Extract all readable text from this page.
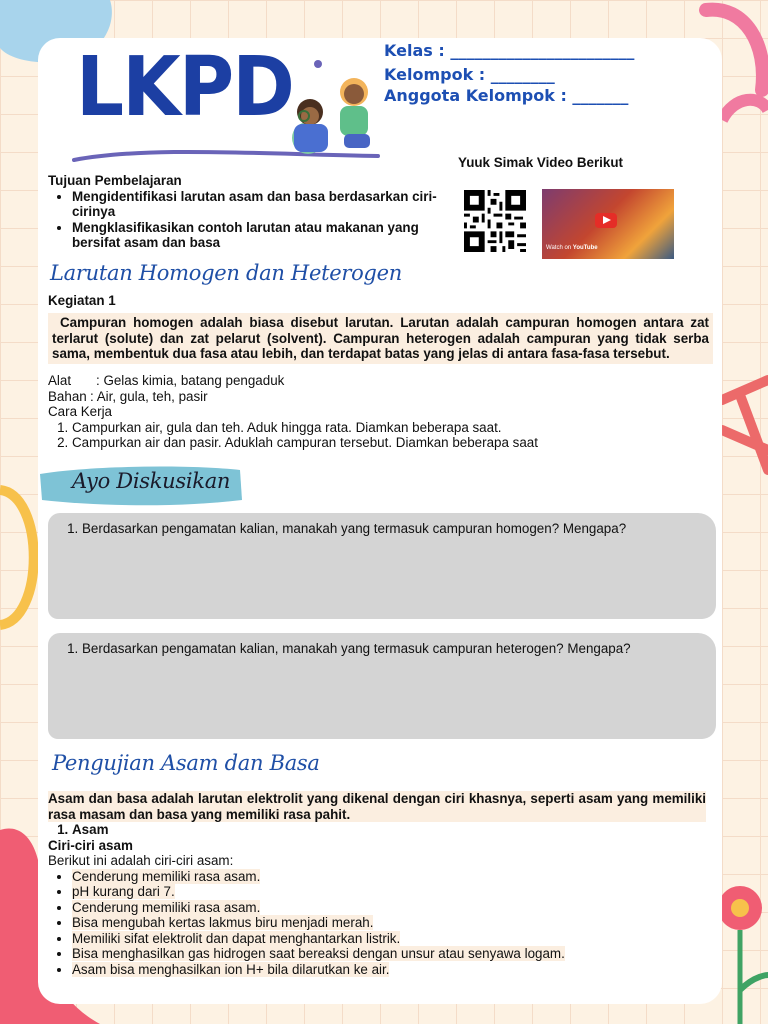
LKPD	Kelas : _______________________
Kelompok : ________
Anggota Kelompok : _______
Yuuk Simak Video Berikut
Watch on YouTube
Tujuan Pembelajaran
• Mengidentifikasi larutan asam dan basa berdasarkan ciri-cirinya
• Mengklasifikasikan contoh larutan atau makanan yang bersifat asam dan basa
Larutan Homogen dan Heterogen
Kegiatan 1
Campuran homogen adalah biasa disebut larutan. Larutan adalah campuran homogen antara zat terlarut (solute) dan zat pelarut (solvent). Campuran heterogen adalah campuran yang tidak serba sama, membentuk dua fasa atau lebih, dan terdapat batas yang jelas di antara fasa-fasa tersebut.
Alat : Gelas kimia, batang pengaduk
Bahan : Air, gula, teh, pasir
Cara Kerja
1. Campurkan air, gula dan teh. Aduk hingga rata. Diamkan beberapa saat.
2. Campurkan air dan pasir. Aduklah campuran tersebut. Diamkan beberapa saat
Ayo Diskusikan
1. Berdasarkan pengamatan kalian, manakah yang termasuk campuran homogen? Mengapa?
1. Berdasarkan pengamatan kalian, manakah yang termasuk campuran heterogen? Mengapa?
Pengujian Asam dan Basa
Asam dan basa adalah larutan elektrolit yang dikenal dengan ciri khasnya, seperti asam yang memiliki rasa masam dan basa yang memiliki rasa pahit.
1. Asam
Ciri-ciri asam
Berikut ini adalah ciri-ciri asam:
• Cenderung memiliki rasa asam.
• pH kurang dari 7.
• Cenderung memiliki rasa asam.
• Bisa mengubah kertas lakmus biru menjadi merah.
• Memiliki sifat elektrolit dan dapat menghantarkan listrik.
• Bisa menghasilkan gas hidrogen saat bereaksi dengan unsur atau senyawa logam.
• Asam bisa menghasilkan ion H+ bila dilarutkan ke air.
